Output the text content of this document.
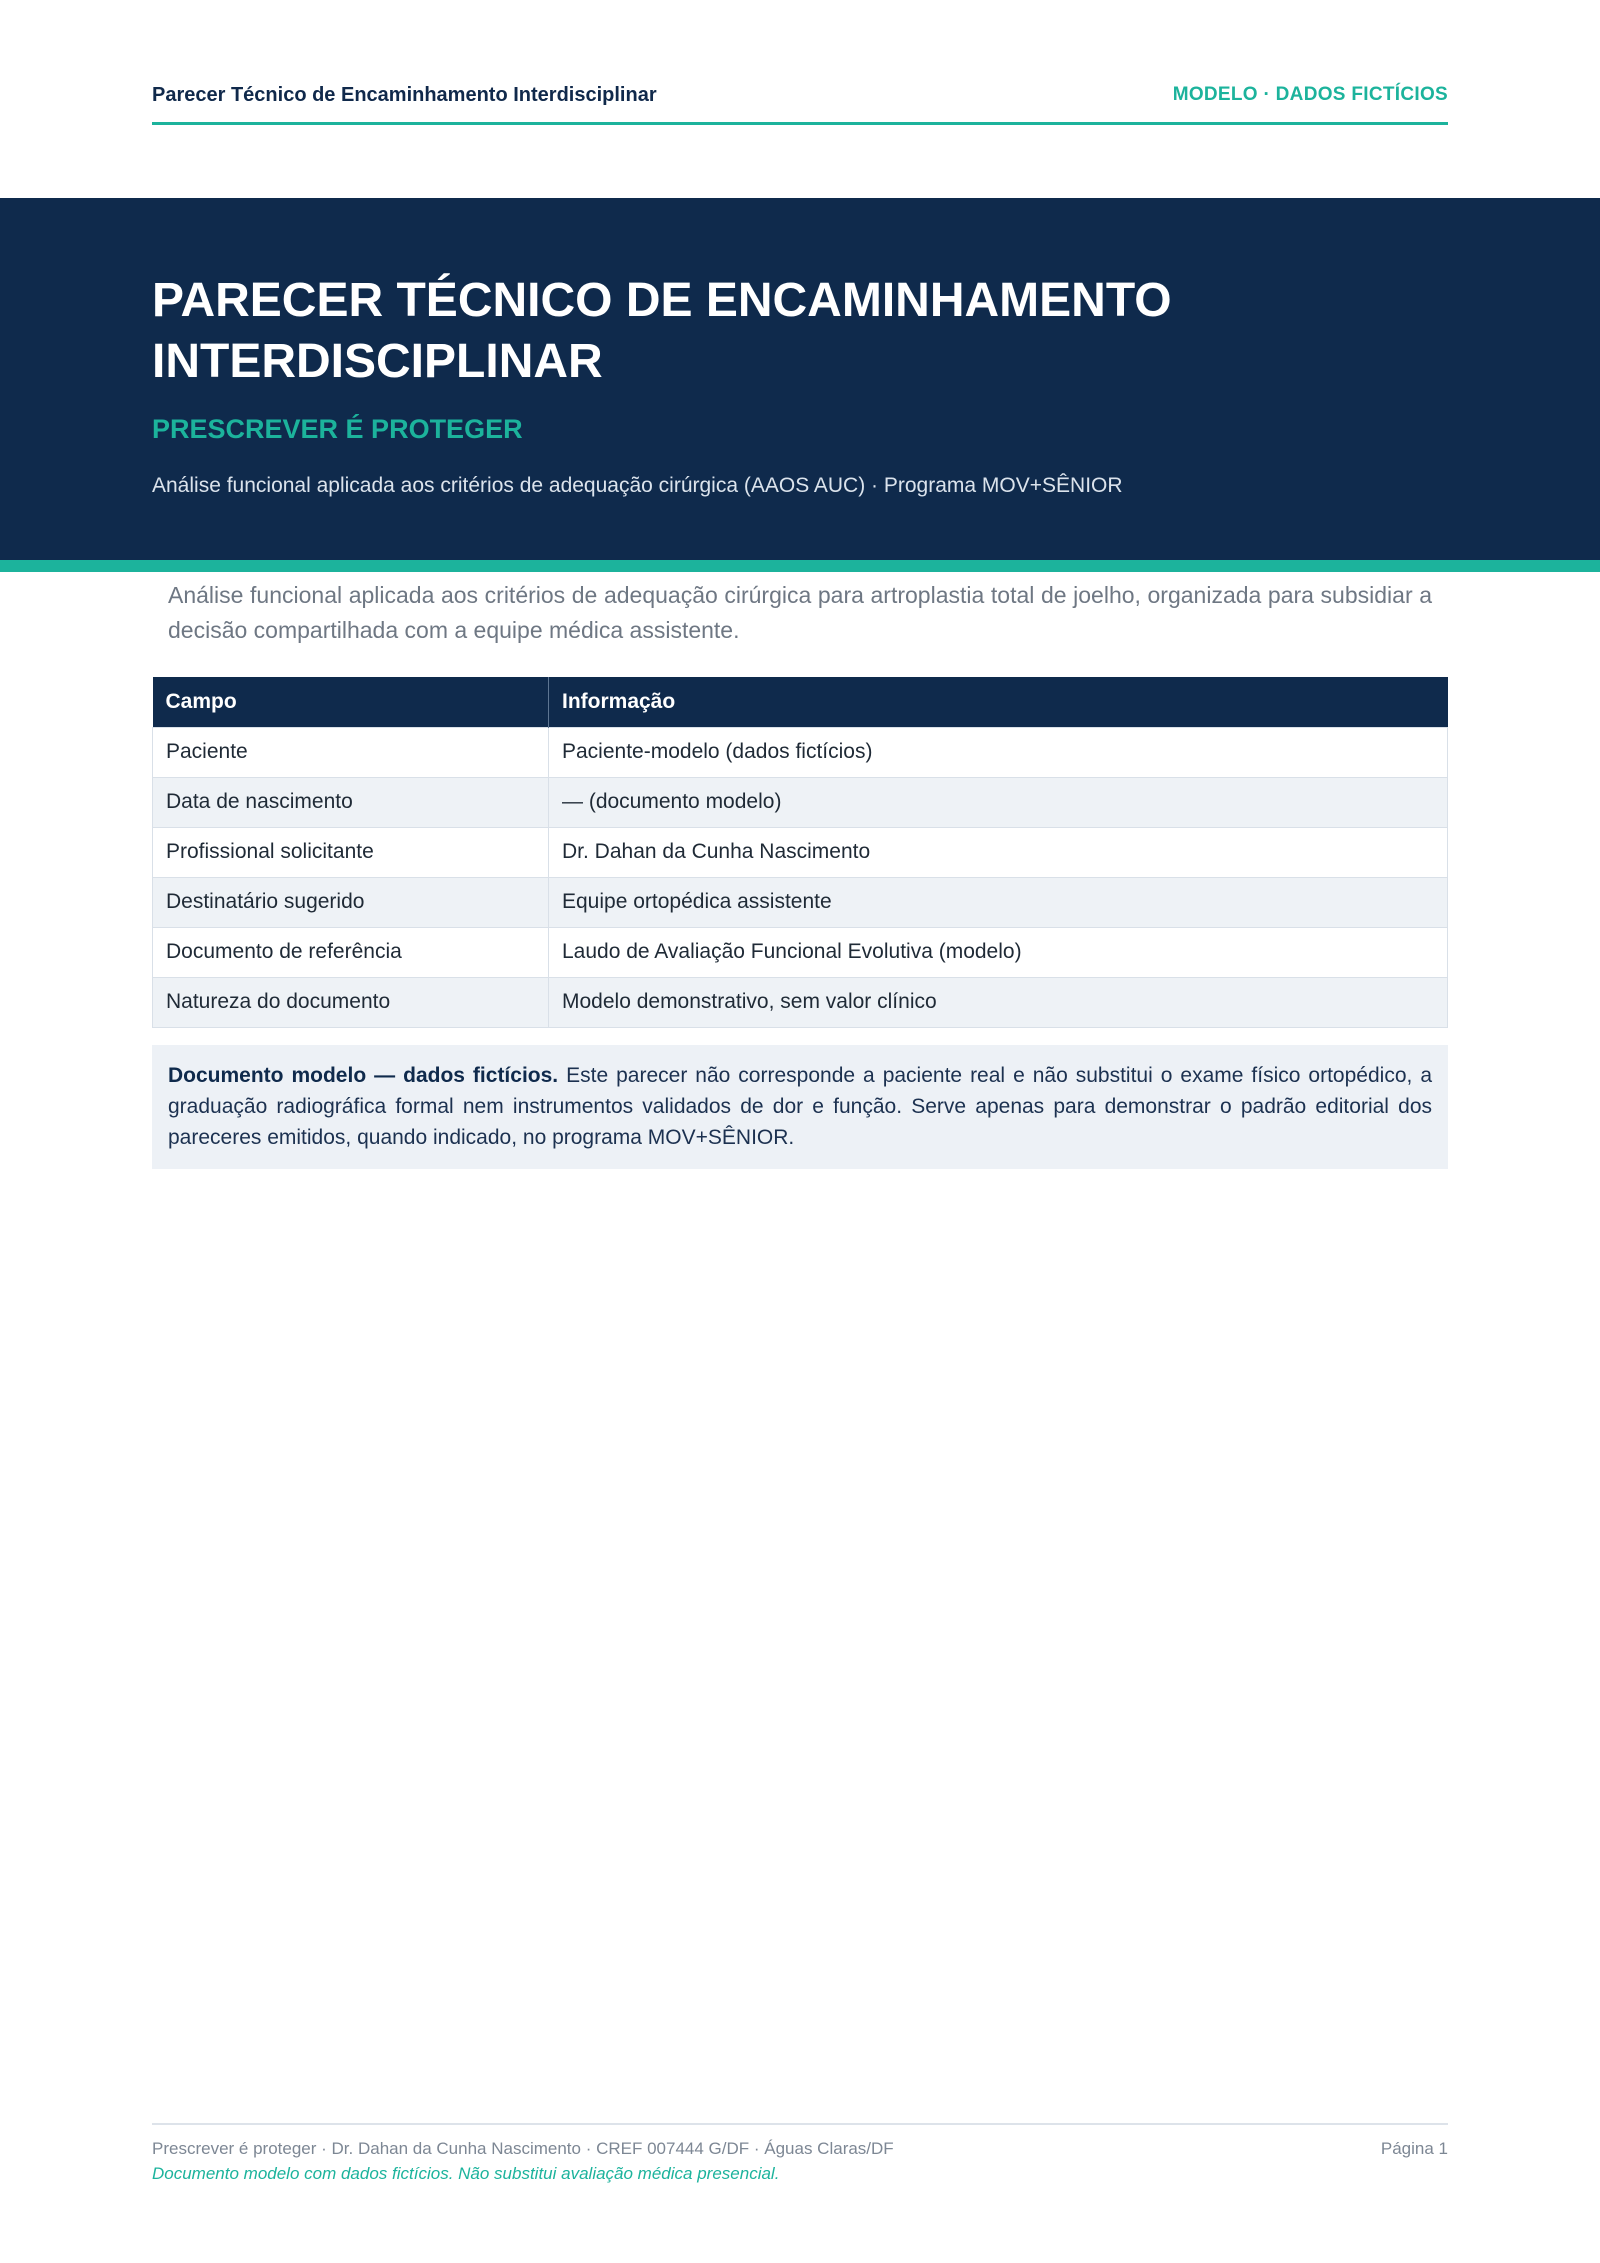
Parecer Técnico de Encaminhamento Interdisciplinar	MODELO · DADOS FICTÍCIOS
PARECER TÉCNICO DE ENCAMINHAMENTO
INTERDISCIPLINAR
PRESCREVER É PROTEGER
Análise funcional aplicada aos critérios de adequação cirúrgica (AAOS AUC) · Programa MOV+SÊNIOR

Análise funcional aplicada aos critérios de adequação cirúrgica para artroplastia total de joelho, organizada para subsidiar a decisão compartilhada com a equipe médica assistente.

Campo	Informação
Paciente	Paciente-modelo (dados fictícios)
Data de nascimento	— (documento modelo)
Profissional solicitante	Dr. Dahan da Cunha Nascimento
Destinatário sugerido	Equipe ortopédica assistente
Documento de referência	Laudo de Avaliação Funcional Evolutiva (modelo)
Natureza do documento	Modelo demonstrativo, sem valor clínico
Documento modelo — dados fictícios. Este parecer não corresponde a paciente real e não substitui o exame físico ortopédico, a graduação radiográfica formal nem instrumentos validados de dor e função. Serve apenas para demonstrar o padrão editorial dos pareceres emitidos, quando indicado, no programa MOV+SÊNIOR.
Prescrever é proteger · Dr. Dahan da Cunha Nascimento · CREF 007444 G/DF · Águas Claras/DF
Documento modelo com dados fictícios. Não substitui avaliação médica presencial.
Página 1
